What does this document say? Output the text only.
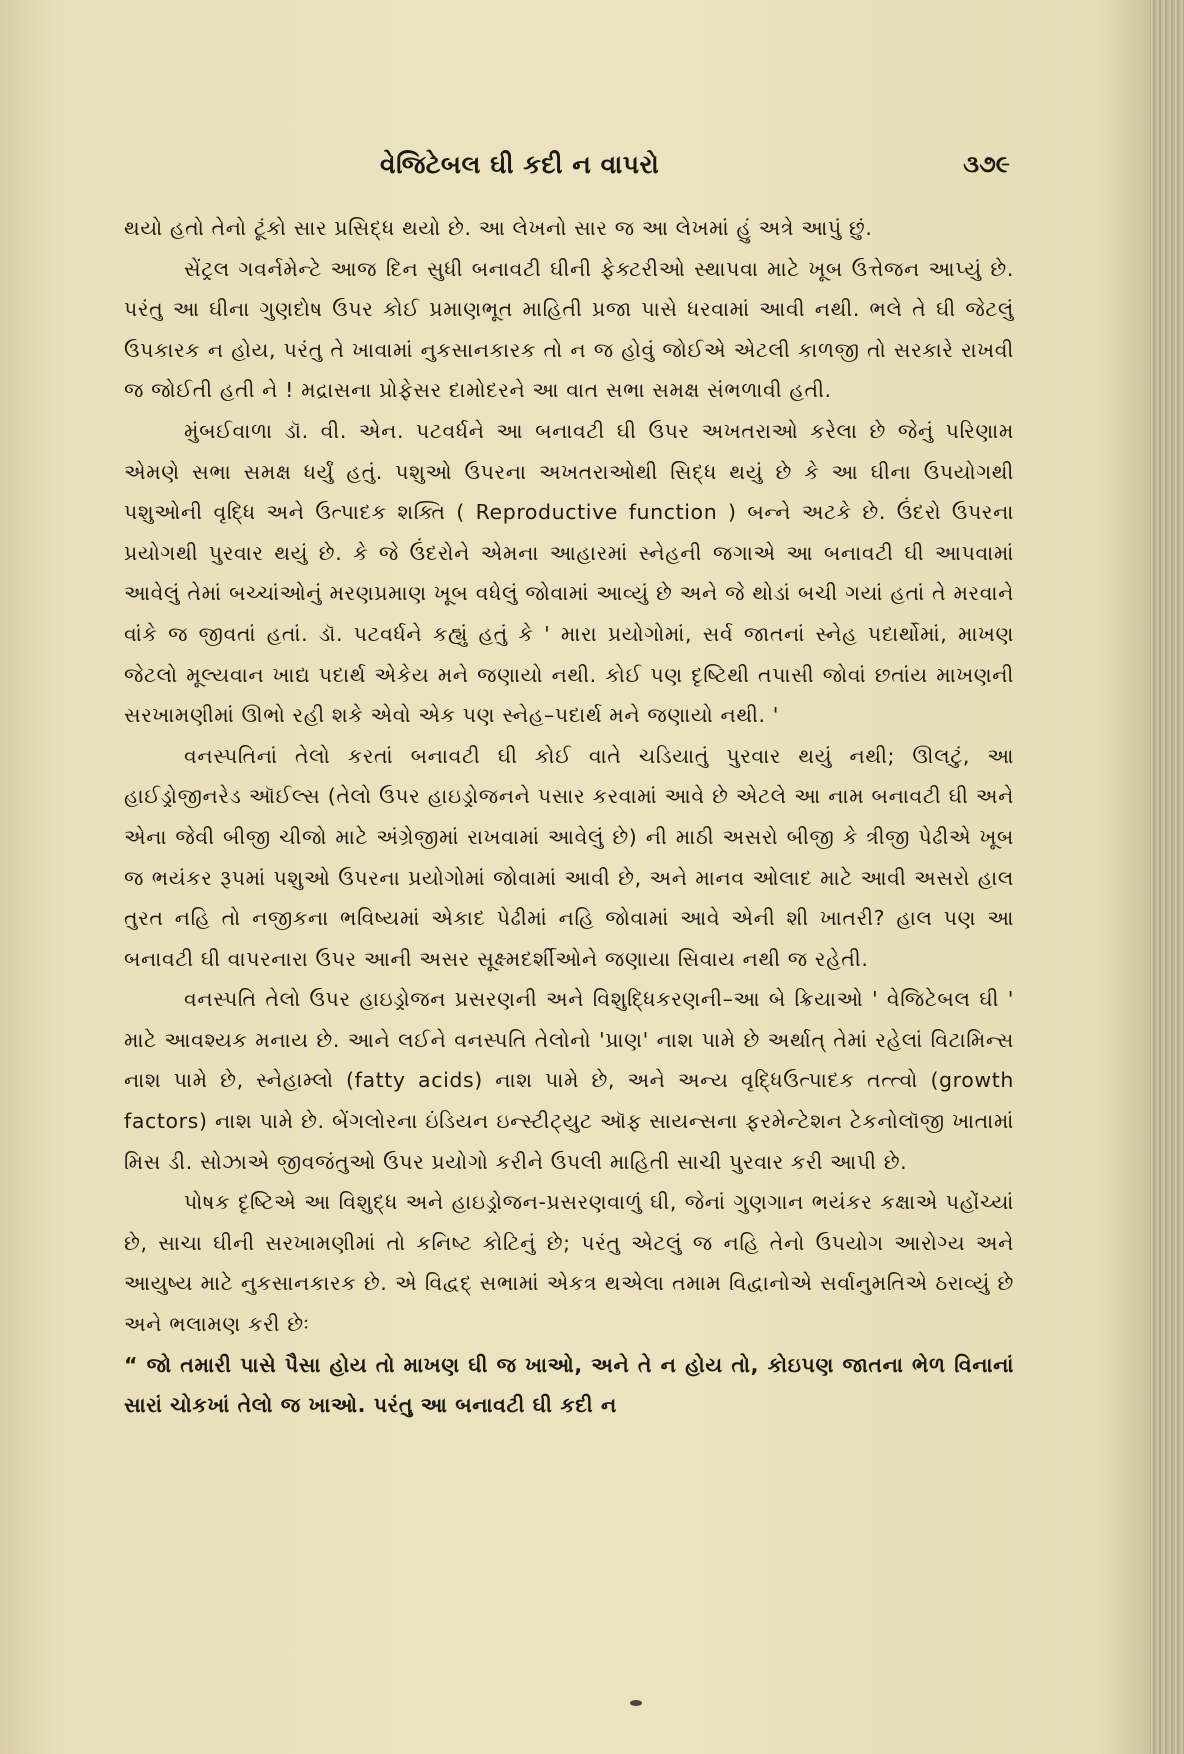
વેજિટેબલ ઘી કદી ન વાપરો	૩૭૯

થયો હતો તેનો ટૂંકો સાર પ્રસિદ્ધ થયો છે. આ લેખનો સાર જ આ લેખમાં હું અત્રે આપું છું.

સેંટ્રલ ગવર્નમેન્ટે આજ દિન સુધી બનાવટી ઘીની ફેક્ટરીઓ સ્થાપવા માટે ખૂબ ઉત્તેજન આપ્યું છે. પરંતુ આ ઘીના ગુણદોષ ઉપર કોઈ પ્રમાણભૂત માહિતી પ્રજા પાસે ધરવામાં આવી નથી. ભલે તે ઘી જેટલું ઉપકારક ન હોય, પરંતુ તે ખાવામાં નુકસાનકારક તો ન જ હોવું જોઈએ એટલી કાળજી તો સરકારે રાખવી જ જોઈતી હતી ને ! મદ્રાસના પ્રોફેસર દામોદરને આ વાત સભા સમક્ષ સંભળાવી હતી.

મુંબઈવાળા ડૉ. વી. એન. પટવર્ધને આ બનાવટી ઘી ઉપર અખતરાઓ કરેલા છે જેનું પરિણામ એમણે સભા સમક્ષ ધર્યું હતું. પશુઓ ઉપરના અખતરાઓથી સિદ્ધ થયું છે કે આ ઘીના ઉપયોગથી પશુઓની વૃદ્ધિ અને ઉત્પાદક શક્તિ ( Reproductive function ) બન્ને અટકે છે. ઉંદરો ઉપરના પ્રયોગથી પુરવાર થયું છે. કે જે ઉંદરોને એમના આહારમાં સ્નેહની જગાએ આ બનાવટી ઘી આપવામાં આવેલું તેમાં બચ્ચાંઓનું મરણપ્રમાણ ખૂબ વધેલું જોવામાં આવ્યું છે અને જે થોડાં બચી ગયાં હતાં તે મરવાને વાંકે જ જીવતાં હતાં. ડૉ. પટવર્ધને કહ્યું હતું કે ' મારા પ્રયોગોમાં, સર્વ જાતનાં સ્નેહ પદાર્થોમાં, માખણ જેટલો મૂલ્યવાન ખાદ્ય પદાર્થ એકેય મને જણાયો નથી. કોઈ પણ દૃષ્ટિથી તપાસી જોવાં છતાંય માખણની સરખામણીમાં ઊભો રહી શકે એવો એક પણ સ્નેહ–પદાર્થ મને જણાયો નથી. '

વનસ્પતિનાં તેલો કરતાં બનાવટી ઘી કોઈ વાતે ચડિયાતું પુરવાર થયું નથી; ઊલટું, આ હાઈડ્રોજીનરેડ ઑઈલ્સ (તેલો ઉપર હાઇડ્રોજનને પસાર કરવામાં આવે છે એટલે આ નામ બનાવટી ઘી અને એના જેવી બીજી ચીજો માટે અંગ્રેજીમાં રાખવામાં આવેલું છે) ની માઠી અસરો બીજી કે ત્રીજી પેઢીએ ખૂબ જ ભયંકર રૂપમાં પશુઓ ઉપરના પ્રયોગોમાં જોવામાં આવી છે, અને માનવ ઓલાદ માટે આવી અસરો હાલ તુરત નહિ તો નજીકના ભવિષ્યમાં એકાદ પેઢીમાં નહિ જોવામાં આવે એની શી ખાતરી? હાલ પણ આ બનાવટી ઘી વાપરનારા ઉપર આની અસર સૂક્ષ્મદર્શીઓને જણાયા સિવાય નથી જ રહેતી.

વનસ્પતિ તેલો ઉપર હાઇડ્રોજન પ્રસરણની અને વિશુદ્ધિકરણની–આ બે ક્રિયાઓ ' વેજિટેબલ ઘી ' માટે આવશ્યક મનાય છે. આને લઈને વનસ્પતિ તેલોનો 'પ્રાણ' નાશ પામે છે અર્થાત્ તેમાં રહેલાં વિટામિન્સ નાશ પામે છે, સ્નેહામ્લો (fatty acids) નાશ પામે છે, અને અન્ય વૃદ્ધિઉત્પાદક તત્ત્વો (growth factors) નાશ પામે છે. બેંગલોરના ઇંડિયન ઇન્સ્ટીટ્યુટ ઑફ સાયન્સના ફરમેન્ટેશન ટેકનોલૉજી ખાતામાં મિસ ડી. સોઝાએ જીવજંતુઓ ઉપર પ્રયોગો કરીને ઉપલી માહિતી સાચી પુરવાર કરી આપી છે.

પોષક દૃષ્ટિએ આ વિશુદ્ધ અને હાઇડ્રોજન-પ્રસરણવાળું ઘી, જેનાં ગુણગાન ભયંકર કક્ષાએ પહોંચ્યાં છે, સાચા ઘીની સરખામણીમાં તો કનિષ્ટ કોટિનું છે; પરંતુ એટલું જ નહિ તેનો ઉપયોગ આરોગ્ય અને આયુષ્ય માટે નુકસાનકારક છે. એ વિદ્વદ્ સભામાં એકત્ર થએલા તમામ વિદ્વાનોએ સર્વાનુમતિએ ઠરાવ્યું છે અને ભલામણ કરી છેઃ

“ જો તમારી પાસે પૈસા હોય તો માખણ ઘી જ ખાઓ, અને તે ન હોય તો, કોઇપણ જાતના ભેળ વિનાનાં સારાં ચોકખાં તેલો જ ખાઓ. પરંતુ આ બનાવટી ઘી કદી ન
